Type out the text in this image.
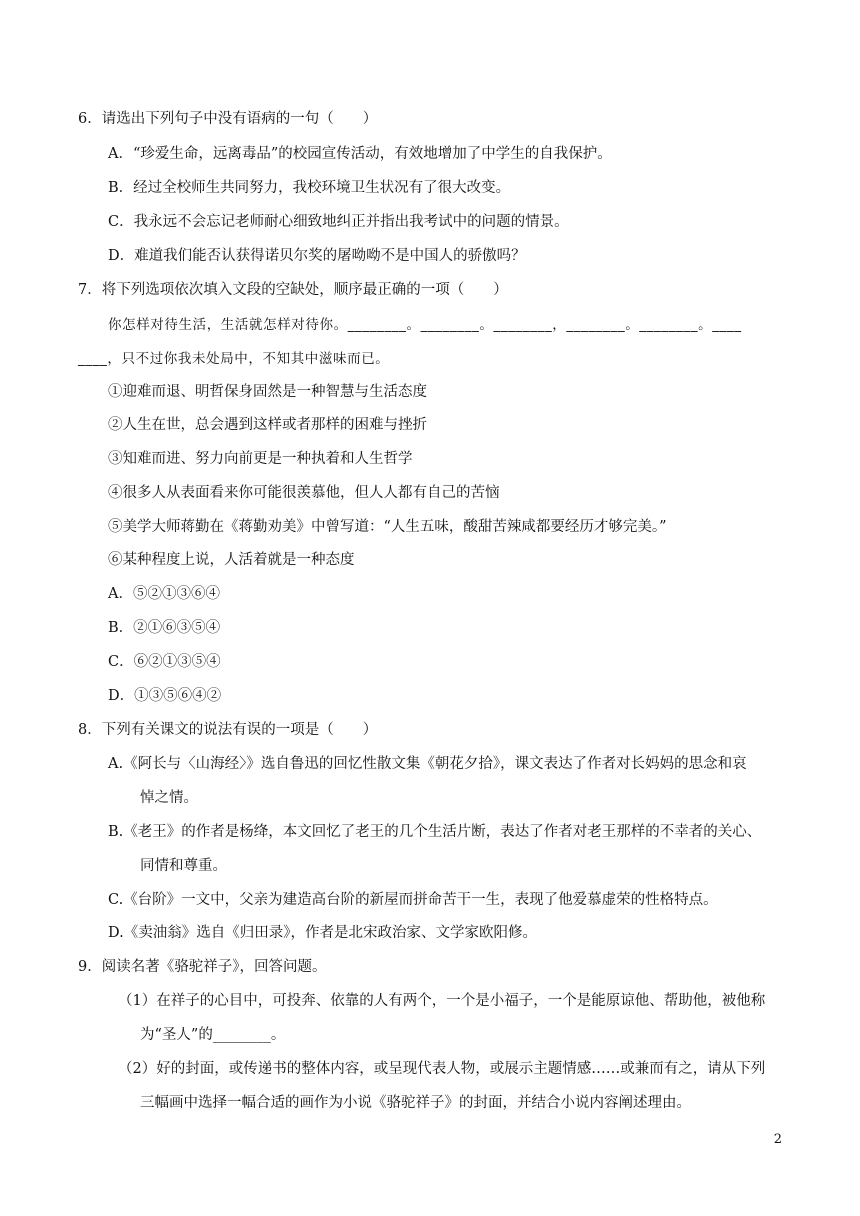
6．请选出下列句子中没有语病的一句（　　）
A．“珍爱生命，远离毒品”的校园宣传活动，有效地增加了中学生的自我保护。
B．经过全校师生共同努力，我校环境卫生状况有了很大改变。
C．我永远不会忘记老师耐心细致地纠正并指出我考试中的问题的情景。
D．难道我们能否认获得诺贝尔奖的屠呦呦不是中国人的骄傲吗？
7．将下列选项依次填入文段的空缺处，顺序最正确的一项（　　）
你怎样对待生活，生活就怎样对待你。________。________。________，________。________。____
____，只不过你我未处局中，不知其中滋味而已。
①迎难而退、明哲保身固然是一种智慧与生活态度
②人生在世，总会遇到这样或者那样的困难与挫折
③知难而进、努力向前更是一种执着和人生哲学
④很多人从表面看来你可能很羡慕他，但人人都有自己的苦恼
⑤美学大师蒋勤在《蒋勤劝美》中曾写道：“人生五味，酸甜苦辣咸都要经历才够完美。”
⑥某种程度上说，人活着就是一种态度
A．⑤②①③⑥④
B．②①⑥③⑤④
C．⑥②①③⑤④
D．①③⑤⑥④②
8．下列有关课文的说法有误的一项是（　　）
A.《阿长与〈山海经〉》选自鲁迅的回忆性散文集《朝花夕拾》，课文表达了作者对长妈妈的思念和哀
悼之情。
B.《老王》的作者是杨绛，本文回忆了老王的几个生活片断，表达了作者对老王那样的不幸者的关心、
同情和尊重。
C.《台阶》一文中，父亲为建造高台阶的新屋而拼命苦干一生，表现了他爱慕虚荣的性格特点。
D.《卖油翁》选自《归田录》，作者是北宋政治家、文学家欧阳修。
9．阅读名著《骆驼祥子》，回答问题。
（1）在祥子的心目中，可投奔、依靠的人有两个，一个是小福子，一个是能原谅他、帮助他，被他称
为“圣人”的________。
（2）好的封面，或传递书的整体内容，或呈现代表人物，或展示主题情感……或兼而有之，请从下列
三幅画中选择一幅合适的画作为小说《骆驼祥子》的封面，并结合小说内容阐述理由。
2
